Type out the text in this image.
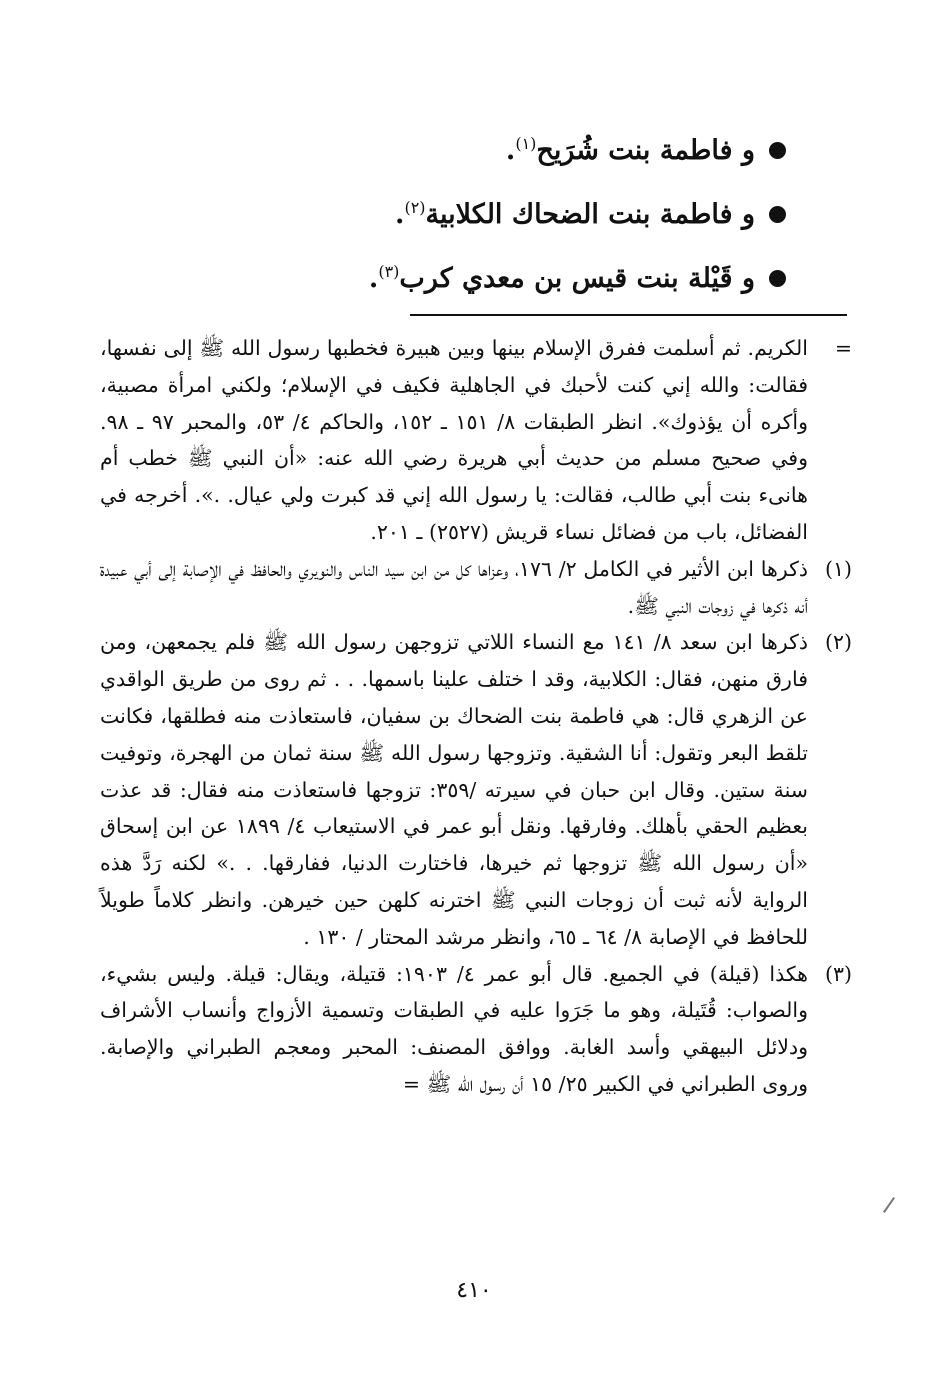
و فاطمة بنت شُرَيح$^{(١)}$.
و فاطمة بنت الضحاك الكلابية$^{(٢)}$.
و قَيْلة بنت قيس بن معدي كرب$^{(٣)}$.

=
الكريم. ثم أسلمت ففرق الإسلام بينها وبين هبيرة فخطبها رسول الله ﷺ إلى نفسها، فقالت: والله إني كنت لأحبك في الجاهلية فكيف في الإسلام؛ ولكني امرأة مصبية، وأكره أن يؤذوك». انظر الطبقات ٨/ ١٥١ ـ ١٥٢، والحاكم ٤/ ٥٣، والمحبر ٩٧ ـ ٩٨. وفي صحيح مسلم من حديث أبي هريرة رضي الله عنه: «أن النبي ﷺ خطب أم هانىء بنت أبي طالب، فقالت: يا رسول الله إني قد كبرت ولي عيال. .». أخرجه في الفضائل، باب من فضائل نساء قريش (٢٥٢٧) ـ ٢٠١.

(١)
ذكرها ابن الأثير في الكامل ٢/ ١٧٦، وعزاها كل من ابن سيد الناس والنويري والحافظ في الإصابة إلى أبي عبيدة أنه ذكرها في زوجات النبي ﷺ.

(٢)
ذكرها ابن سعد ٨/ ١٤١ مع النساء اللاتي تزوجهن رسول الله ﷺ فلم يجمعهن، ومن فارق منهن، فقال: الكلابية، وقد ا ختلف علينا باسمها. . . ثم روى من طريق الواقدي عن الزهري قال: هي فاطمة بنت الضحاك بن سفيان، فاستعاذت منه فطلقها، فكانت تلقط البعر وتقول: أنا الشقية. وتزوجها رسول الله ﷺ سنة ثمان من الهجرة، وتوفيت سنة ستين. وقال ابن حبان في سيرته /٣٥٩: تزوجها فاستعاذت منه فقال: قد عذت بعظيم الحقي بأهلك. وفارقها. ونقل أبو عمر في الاستيعاب ٤/ ١٨٩٩ عن ابن إسحاق «أن رسول الله ﷺ تزوجها ثم خيرها، فاختارت الدنيا، ففارقها. . .» لكنه رَدَّ هذه الرواية لأنه ثبت أن زوجات النبي ﷺ اخترنه كلهن حين خيرهن. وانظر كلاماً طويلاً للحافظ في الإصابة ٨/ ٦٤ ـ ٦٥، وانظر مرشد المحتار / ١٣٠ .

(٣)
هكذا (قيلة) في الجميع. قال أبو عمر ٤/ ١٩٠٣: قتيلة، ويقال: قيلة. وليس بشيء، والصواب: قُتَيلة، وهو ما جَرَوا عليه في الطبقات وتسمية الأزواج وأنساب الأشراف ودلائل البيهقي وأسد الغابة. ووافق المصنف: المحبر ومعجم الطبراني والإصابة. وروى الطبراني في الكبير ٢٥/ ١٥ أن رسول الله ﷺ =

٤١٠
